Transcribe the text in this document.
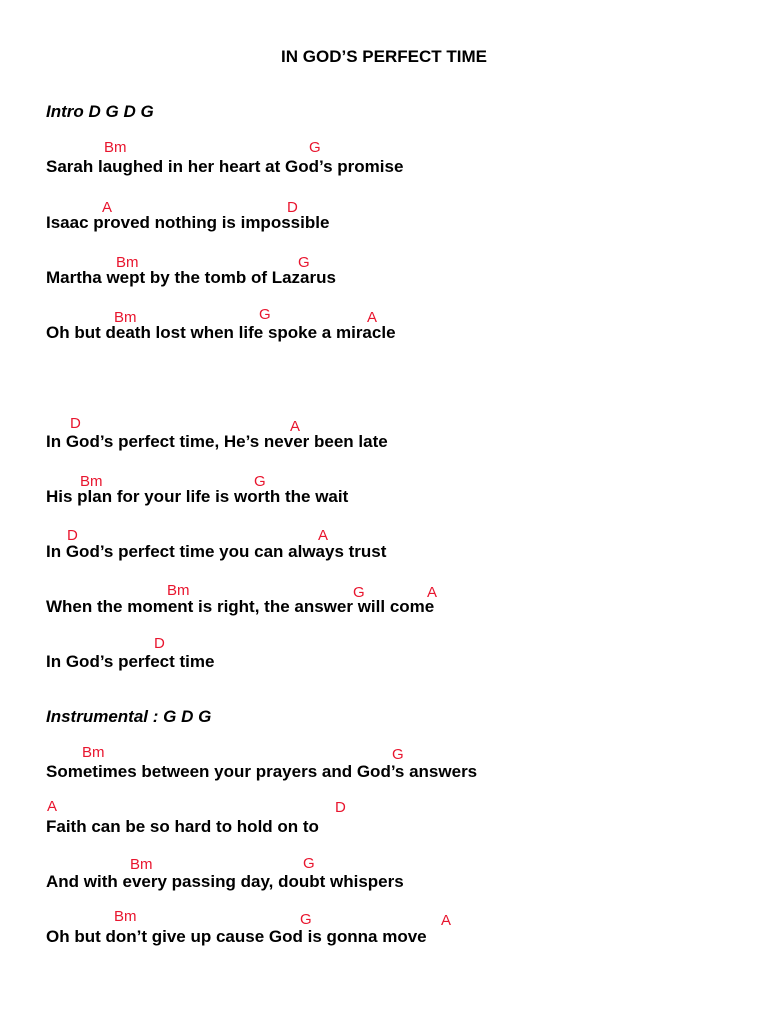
IN GOD’S PERFECT TIME
Intro D G D G
Bm	G
Sarah laughed in her heart at God’s promise
A	D
Isaac proved nothing is impossible
Bm	G
Martha wept by the tomb of Lazarus
Bm	G	A
Oh but death lost when life spoke a miracle
D	A
In God’s perfect time, He’s never been late
Bm	G
His plan for your life is worth the wait
D	A
In God’s perfect time you can always trust
Bm	G	A
When the moment is right, the answer will come
D
In God’s perfect time
Instrumental : G D G
Bm	G
Sometimes between your prayers and God’s answers
A	D
Faith can be so hard to hold on to
Bm	G
And with every passing day, doubt whispers
Bm	G	A
Oh but don’t give up cause God is gonna move
